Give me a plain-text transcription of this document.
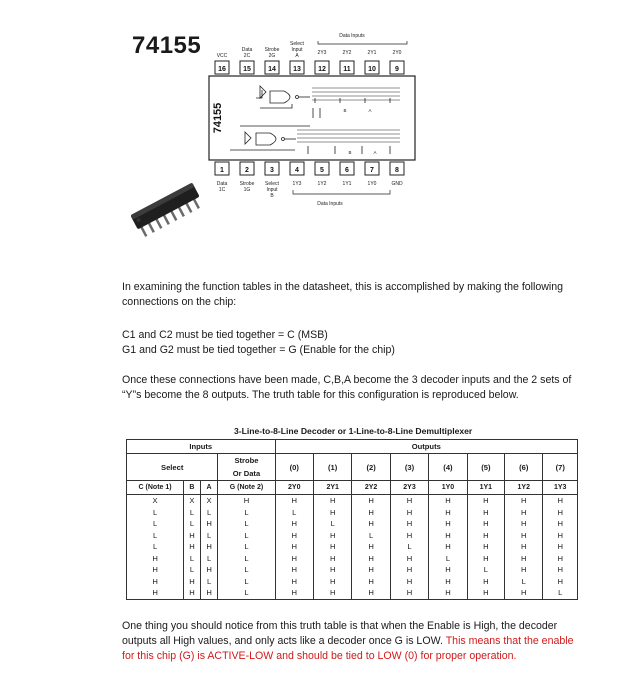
74155	VCC
Data
2C
Strobe
2G
Select
Input
A
Data Inputs
2Y3	2Y2	2Y1	2Y0
16 15 14 13 12 11 10	9
74155	B	A
B	A
1	2	3	4	5	6	7	8
Data
1C
Strobe
1G
Select
Input
B
1Y3	1Y2	1Y1	1Y0	GND
Data Inputs

In examining the function tables in the datasheet, this is accomplished by making the following connections on the chip:

C1 and C2 must be tied together = C (MSB)

G1 and G2 must be tied together = G (Enable for the chip)

Once these connections have been made, C,B,A become the 3 decoder inputs and the 2 sets of “Y”s become the 8 outputs. The truth table for this configuration is reproduced below.

3-Line-to-8-Line Decoder or 1-Line-to-8-Line Demultiplexer
Inputs				Outputs							
Select			Strobe	(0)	(1)	(2)	(3)	(4)	(5)	(6)	(7)
			Or Data								
C (Note 1)	B	A	G (Note 2)	2Y0	2Y1	2Y2	2Y3	1Y0	1Y1	1Y2	1Y3
X	X	X	H	H	H	H	H	H	H	H	H
L	L	L	L	L	H	H	H	H	H	H	H
L	L	H	L	H	L	H	H	H	H	H	H
L	H	L	L	H	H	L	H	H	H	H	H
L	H	H	L	H	H	H	L	H	H	H	H
H	L	L	L	H	H	H	H	L	H	H	H
H	L	H	L	H	H	H	H	H	L	H	H
H	H	L	L	H	H	H	H	H	H	L	H
H	H	H	L	H	H	H	H	H	H	H	L

One thing you should notice from this truth table is that when the Enable is High, the decoder outputs all High values, and only acts like a decoder once G is LOW. This means that the enable for this chip (G) is ACTIVE-LOW and should be tied to LOW (0) for proper operation.
